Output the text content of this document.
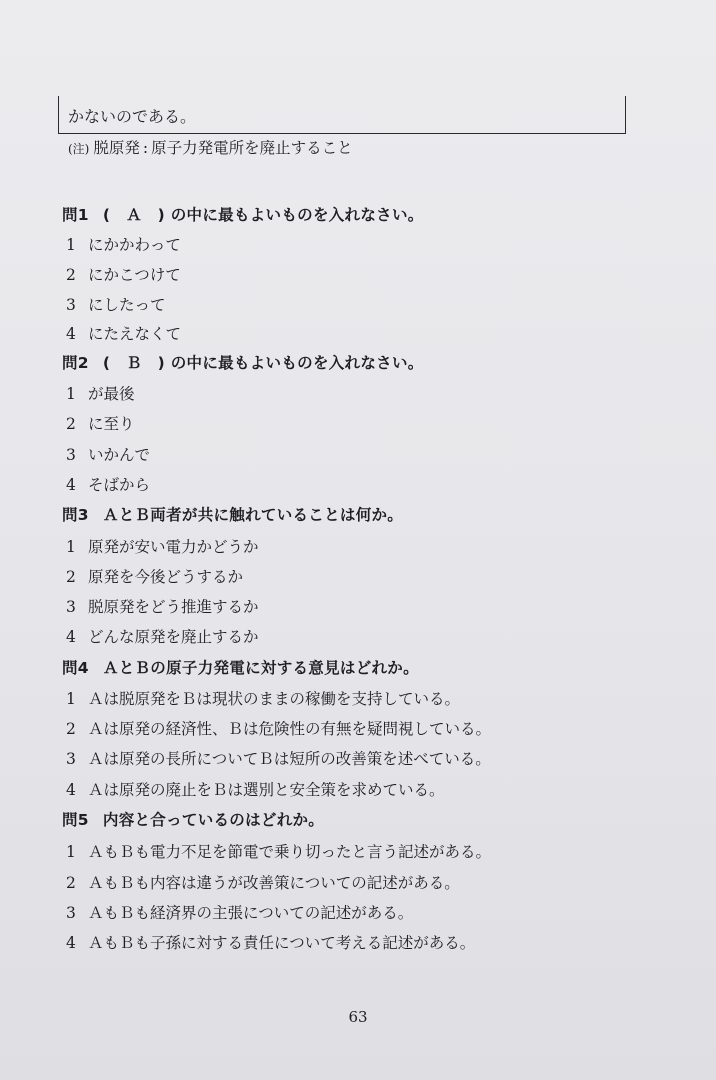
かないのである。
(注) 脱原発 : 原子力発電所を廃止すること
問1 (　Ａ　) の中に最もよいものを入れなさい。
1 にかかわって
2 にかこつけて
3 にしたって
4 にたえなくて
問2 (　Ｂ　) の中に最もよいものを入れなさい。
1 が最後
2 に至り
3 いかんで
4 そばから
問3 ＡとＢ両者が共に触れていることは何か。
1 原発が安い電力かどうか
2 原発を今後どうするか
3 脱原発をどう推進するか
4 どんな原発を廃止するか
問4 ＡとＢの原子力発電に対する意見はどれか。
1 Ａは脱原発をＢは現状のままの稼働を支持している。
2 Ａは原発の経済性、Ｂは危険性の有無を疑問視している。
3 Ａは原発の長所についてＢは短所の改善策を述べている。
4 Ａは原発の廃止をＢは選別と安全策を求めている。
問5 内容と合っているのはどれか。
1 ＡもＢも電力不足を節電で乗り切ったと言う記述がある。
2 ＡもＢも内容は違うが改善策についての記述がある。
3 ＡもＢも経済界の主張についての記述がある。
4 ＡもＢも子孫に対する責任について考える記述がある。
63
